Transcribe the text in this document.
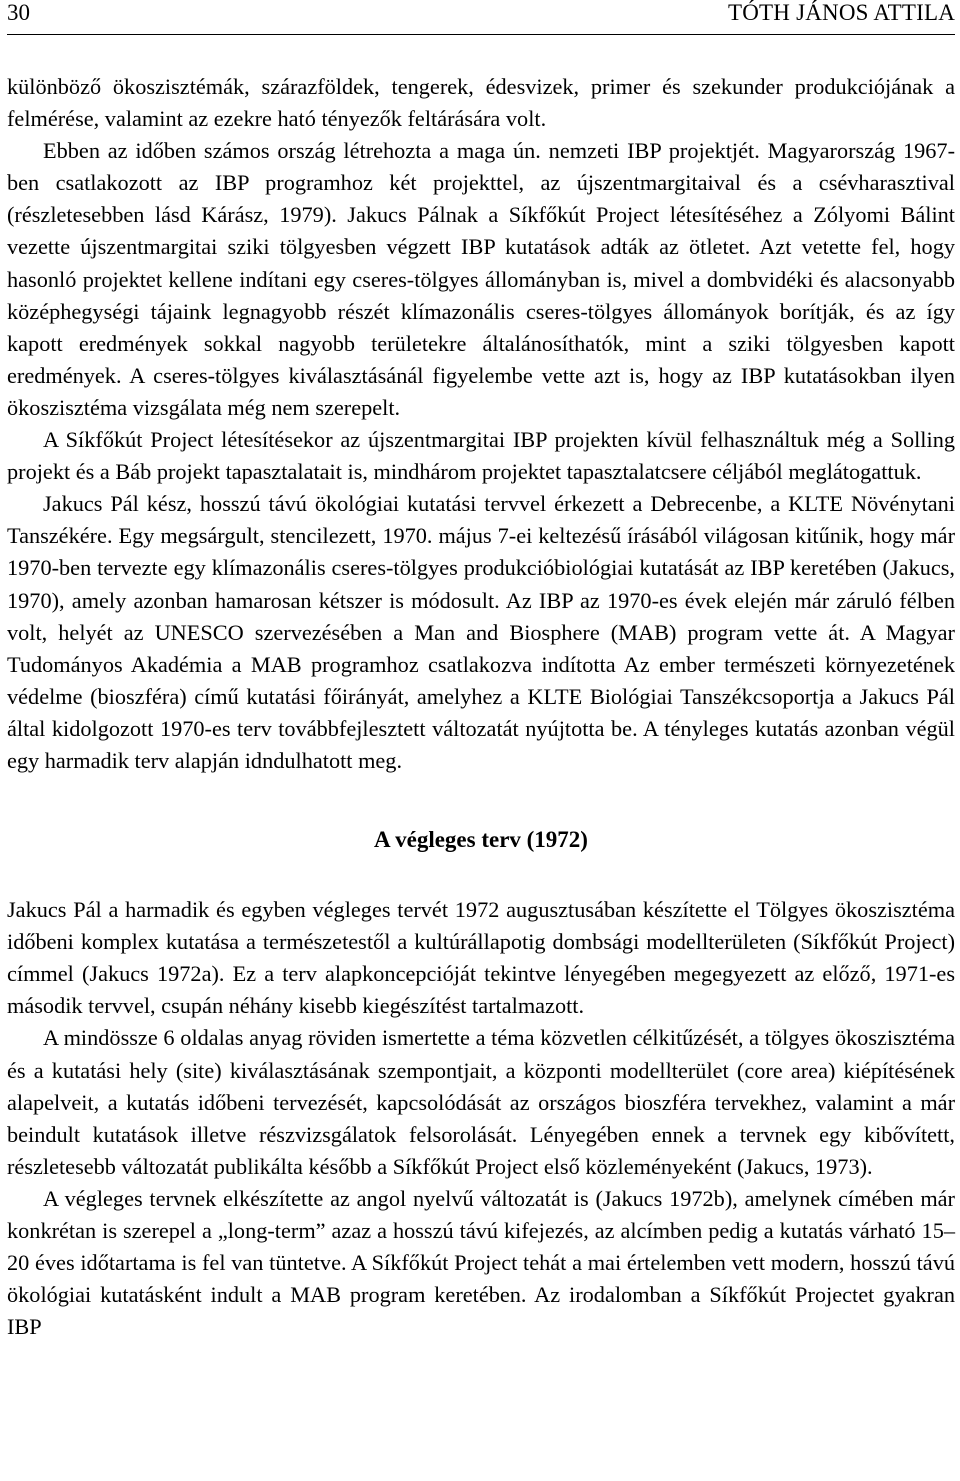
30	TÓTH JÁNOS ATTILA

különböző ökoszisztémák, szárazföldek, tengerek, édesvizek, primer és szekunder produkciójának a felmérése, valamint az ezekre ható tényezők feltárására volt.

Ebben az időben számos ország létrehozta a maga ún. nemzeti IBP projektjét. Magyarország 1967-ben csatlakozott az IBP programhoz két projekttel, az újszentmargitaival és a csévharasztival (részletesebben lásd Kárász, 1979). Jakucs Pálnak a Síkfőkút Project létesítéséhez a Zólyomi Bálint vezette újszentmargitai sziki tölgyesben végzett IBP kutatások adták az ötletet. Azt vetette fel, hogy hasonló projektet kellene indítani egy cseres-tölgyes állományban is, mivel a dombvidéki és alacsonyabb középhegységi tájaink legnagyobb részét klímazonális cseres-tölgyes állományok borítják, és az így kapott eredmények sokkal nagyobb területekre általánosíthatók, mint a sziki tölgyesben kapott eredmények. A cseres-tölgyes kiválasztásánál figyelembe vette azt is, hogy az IBP kutatásokban ilyen ökoszisztéma vizsgálata még nem szerepelt.

A Síkfőkút Project létesítésekor az újszentmargitai IBP projekten kívül felhasználtuk még a Solling projekt és a Báb projekt tapasztalatait is, mindhárom projektet tapasztalatcsere céljából meglátogattuk.

Jakucs Pál kész, hosszú távú ökológiai kutatási tervvel érkezett a Debrecenbe, a KLTE Növénytani Tanszékére. Egy megsárgult, stencilezett, 1970. május 7-ei keltezésű írásából világosan kitűnik, hogy már 1970-ben tervezte egy klímazonális cseres-tölgyes produkcióbiológiai kutatását az IBP keretében (Jakucs, 1970), amely azonban hamarosan kétszer is módosult. Az IBP az 1970-es évek elején már záruló félben volt, helyét az UNESCO szervezésében a Man and Biosphere (MAB) program vette át. A Magyar Tudományos Akadémia a MAB programhoz csatlakozva indította Az ember természeti környezetének védelme (bioszféra) című kutatási főirányát, amelyhez a KLTE Biológiai Tanszékcsoportja a Jakucs Pál által kidolgozott 1970-es terv továbbfejlesztett változatát nyújtotta be. A tényleges kutatás azonban végül egy harmadik terv alapján idndulhatott meg.

A végleges terv (1972)

Jakucs Pál a harmadik és egyben végleges tervét 1972 augusztusában készítette el Tölgyes ökoszisztéma időbeni komplex kutatása a természetestől a kultúrállapotig dombsági modellterületen (Síkfőkút Project) címmel (Jakucs 1972a). Ez a terv alapkoncepcióját tekintve lényegében megegyezett az előző, 1971-es második tervvel, csupán néhány kisebb kiegészítést tartalmazott.

A mindössze 6 oldalas anyag röviden ismertette a téma közvetlen célkitűzését, a tölgyes ökoszisztéma és a kutatási hely (site) kiválasztásának szempontjait, a központi modellterület (core area) kiépítésének alapelveit, a kutatás időbeni tervezését, kapcsolódását az országos bioszféra tervekhez, valamint a már beindult kutatások illetve részvizsgálatok felsorolását. Lényegében ennek a tervnek egy kibővített, részletesebb változatát publikálta később a Síkfőkút Project első közleményeként (Jakucs, 1973).

A végleges tervnek elkészítette az angol nyelvű változatát is (Jakucs 1972b), amelynek címében már konkrétan is szerepel a „long-term” azaz a hosszú távú kifejezés, az alcímben pedig a kutatás várható 15–20 éves időtartama is fel van tüntetve. A Síkfőkút Project tehát a mai értelemben vett modern, hosszú távú ökológiai kutatásként indult a MAB program keretében. Az irodalomban a Síkfőkút Projectet gyakran IBP
